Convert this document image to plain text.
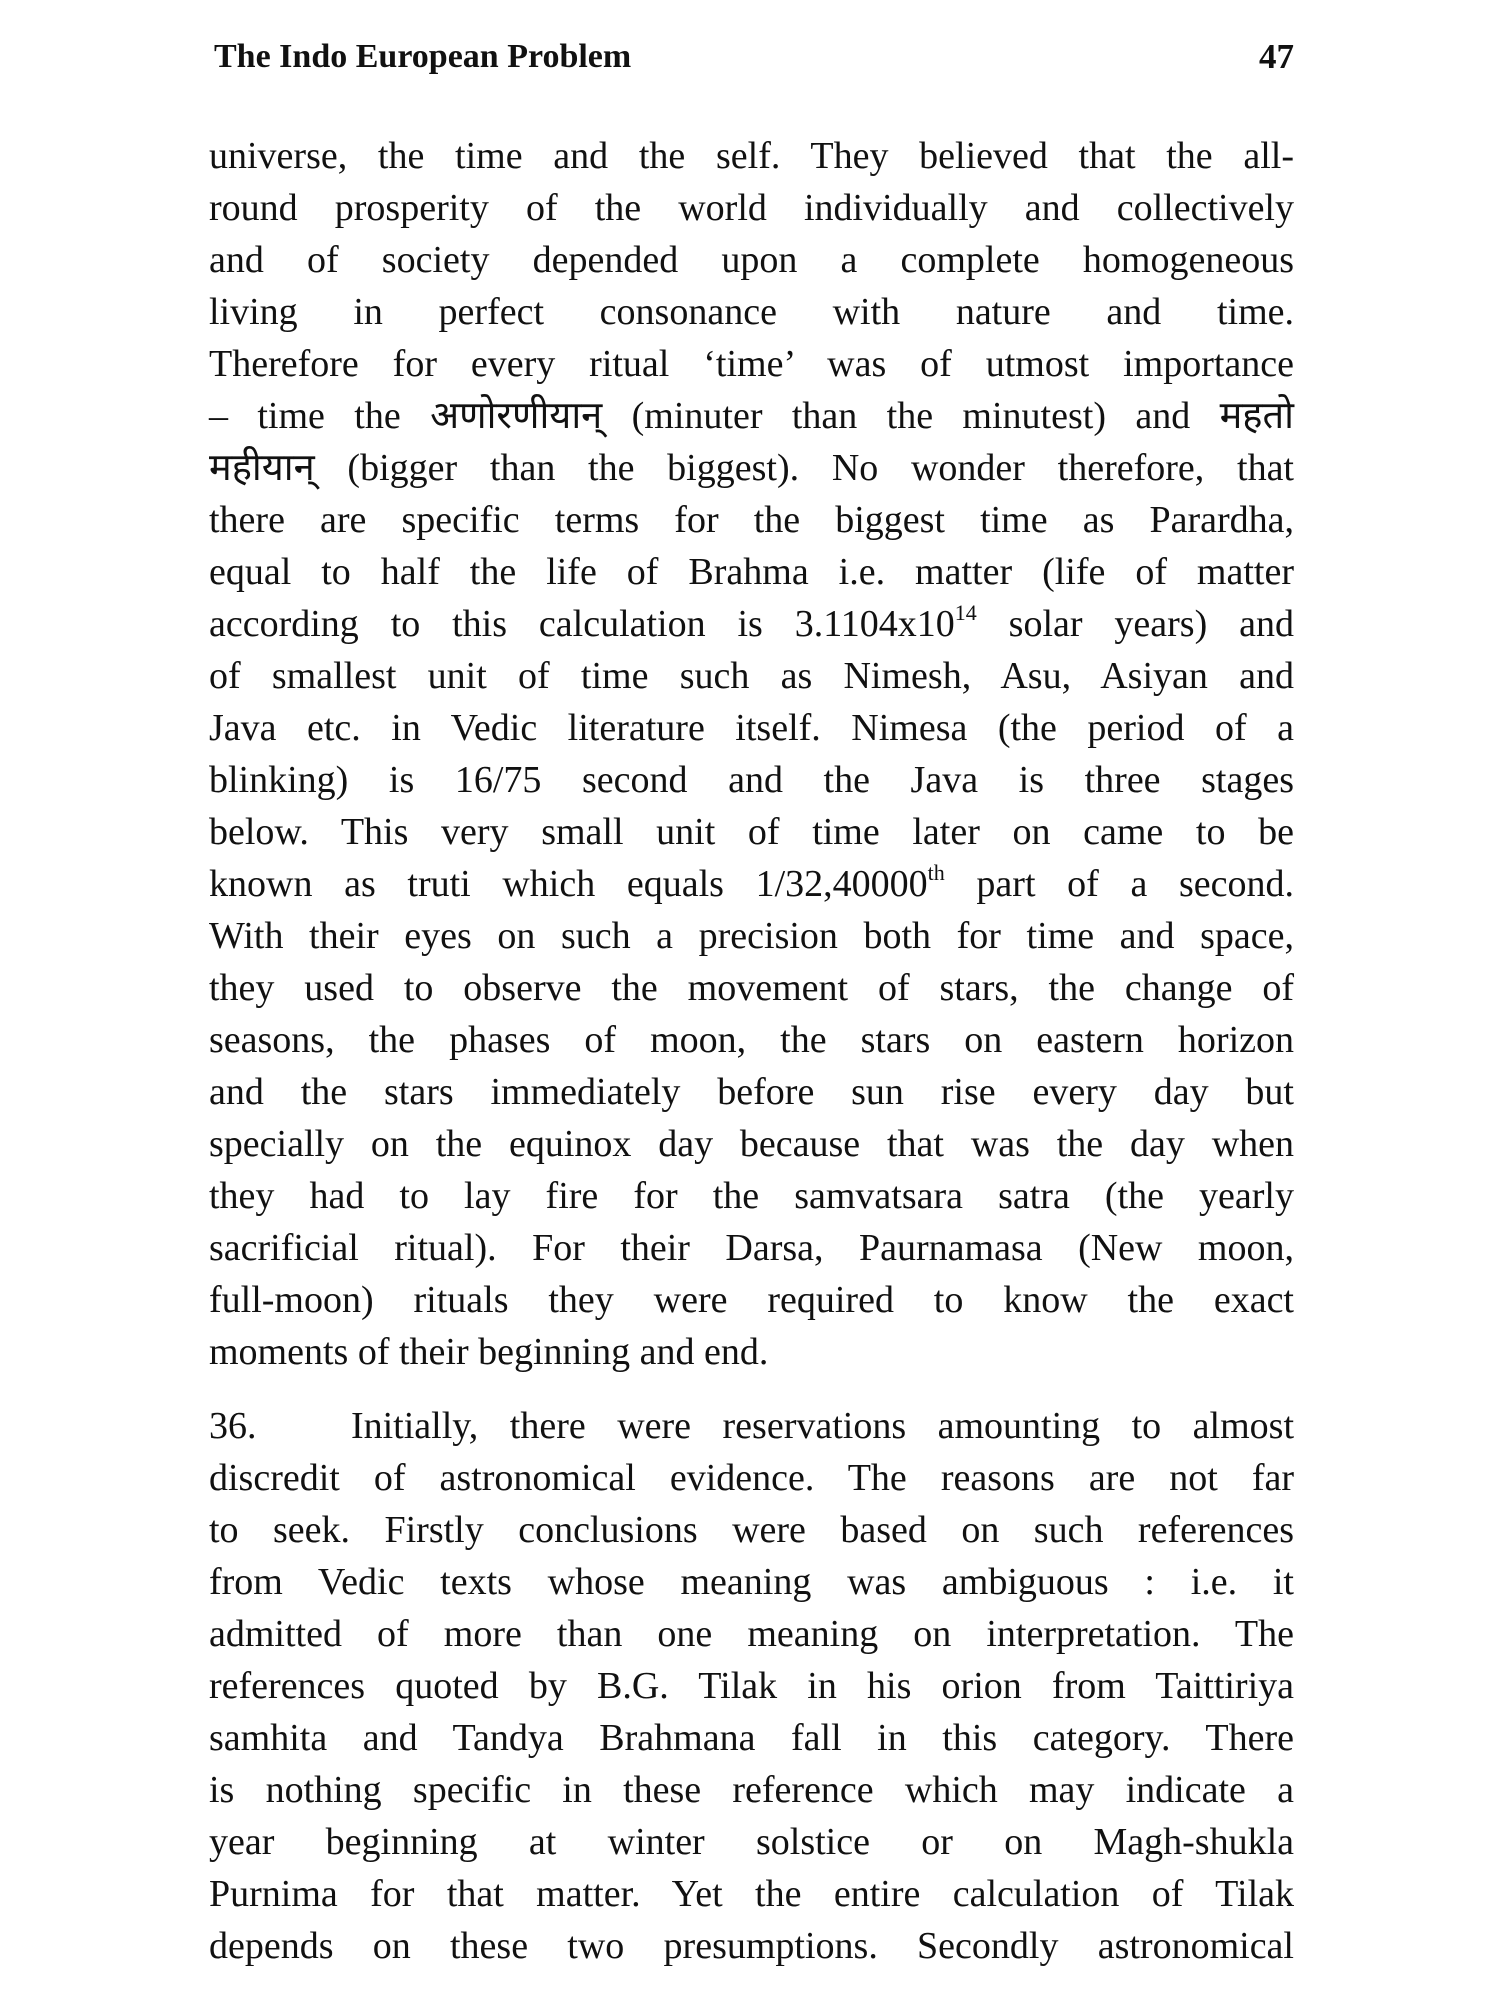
The Indo European Problem	47
universe, the time and the self. They believed that the all-
round prosperity of the world individually and collectively
and of society depended upon a complete homogeneous
living in perfect consonance with nature and time.
Therefore for every ritual ‘time’ was of utmost importance
– time the अणोरणीयान् (minuter than the minutest) and महतो
महीयान् (bigger than the biggest). No wonder therefore, that
there are specific terms for the biggest time as Parardha,
equal to half the life of Brahma i.e. matter (life of matter
according to this calculation is $3.1104x10^{14}$ solar years) and
of smallest unit of time such as Nimesh, Asu, Asiyan and
Java etc. in Vedic literature itself. Nimesa (the period of a
blinking) is 16/75 second and the Java is three stages
below. This very small unit of time later on came to be
known as truti which equals 1/32,40000th part of a second.
With their eyes on such a precision both for time and space,
they used to observe the movement of stars, the change of
seasons, the phases of moon, the stars on eastern horizon
and the stars immediately before sun rise every day but
specially on the equinox day because that was the day when
they had to lay fire for the samvatsara satra (the yearly
sacrificial ritual). For their Darsa, Paurnamasa (New moon,
full-moon) rituals they were required to know the exact
moments of their beginning and end.
36.   Initially, there were reservations amounting to almost
discredit of astronomical evidence. The reasons are not far
to seek. Firstly conclusions were based on such references
from Vedic texts whose meaning was ambiguous : i.e. it
admitted of more than one meaning on interpretation. The
references quoted by B.G. Tilak in his orion from Taittiriya
samhita and Tandya Brahmana fall in this category. There
is nothing specific in these reference which may indicate a
year beginning at winter solstice or on Magh-shukla
Purnima for that matter. Yet the entire calculation of Tilak
depends on these two presumptions. Secondly astronomical
